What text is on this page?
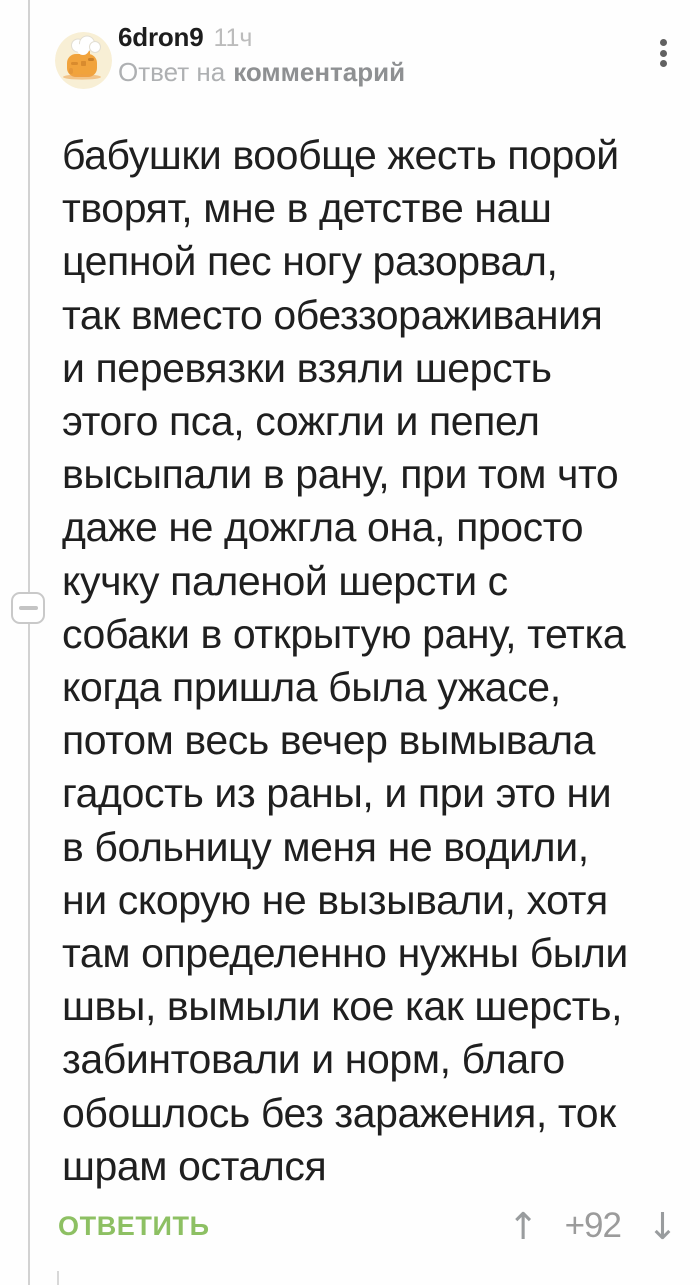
6dron9 11ч
Ответ на комментарий
бабушки вообще жесть порой
творят, мне в детстве наш
цепной пес ногу разорвал,
так вместо обеззораживания
и перевязки взяли шерсть
этого пса, сожгли и пепел
высыпали в рану, при том что
даже не дожгла она, просто
кучку паленой шерсти с
собаки в открытую рану, тетка
когда пришла была ужасе,
потом весь вечер вымывала
гадость из раны, и при это ни
в больницу меня не водили,
ни скорую не вызывали, хотя
там определенно нужны были
швы, вымыли кое как шерсть,
забинтовали и норм, благо
обошлось без заражения, ток
шрам остался
ОТВЕТИТЬ	↑ +92 ↓
